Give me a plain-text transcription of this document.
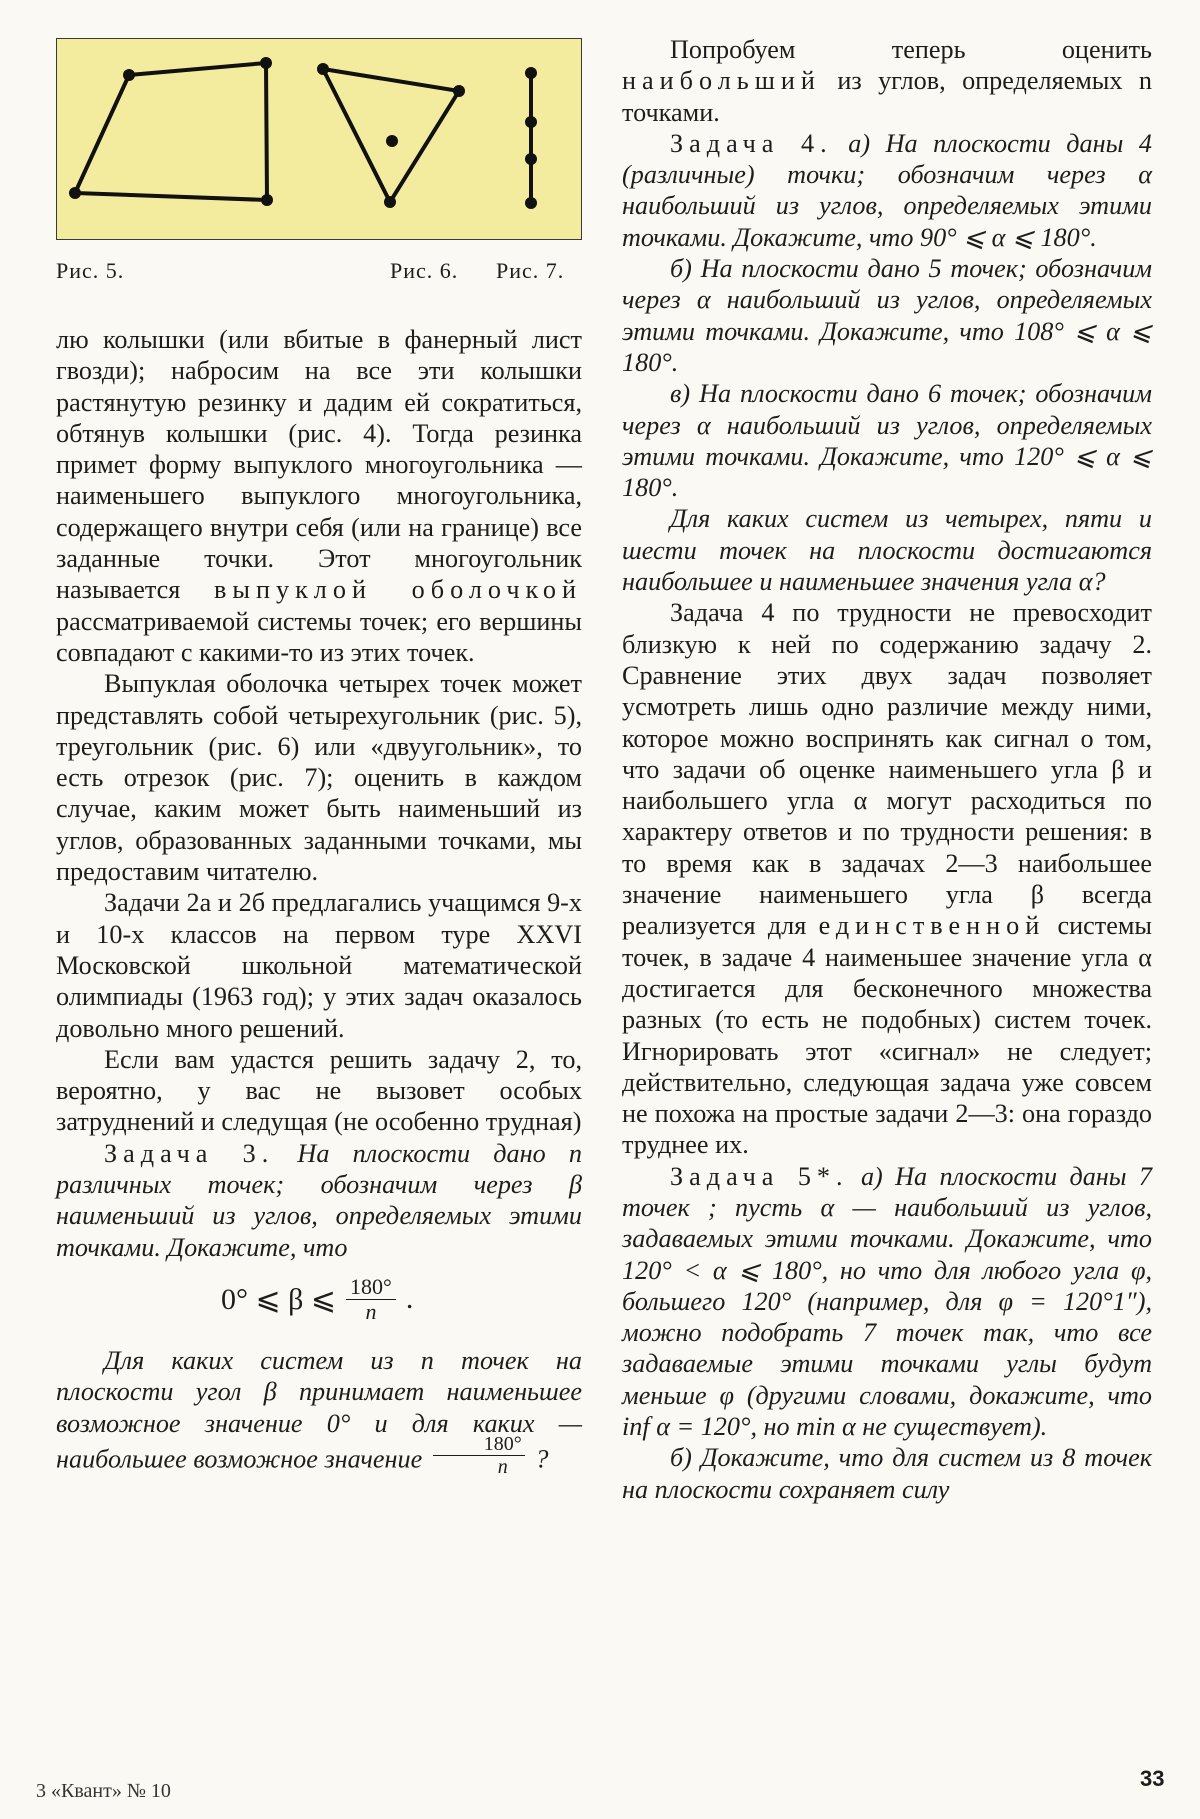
Рис. 5.	Рис. 6. Рис. 7.

лю колышки (или вбитые в фанерный лист гвозди); набросим на все эти колышки растянутую резинку и дадим ей сократиться, обтянув колышки (рис. 4). Тогда резинка примет форму выпуклого многоугольника — наименьшего выпуклого многоугольника, содержащего внутри себя (или на границе) все заданные точки. Этот многоугольник называется выпуклой оболочкой рассматриваемой системы точек; его вершины совпадают с какими-то из этих точек.

Выпуклая оболочка четырех точек может представлять собой четырехугольник (рис. 5), треугольник (рис. 6) или «двуугольник», то есть отрезок (рис. 7); оценить в каждом случае, каким может быть наименьший из углов, образованных заданными точками, мы предоставим читателю.

Задачи 2а и 2б предлагались учащимся 9-х и 10-х классов на первом туре XXVI Московской школьной математической олимпиады (1963 год); у этих задач оказалось довольно много решений.

Если вам удастся решить задачу 2, то, вероятно, у вас не вызовет особых затруднений и следущая (не особенно трудная)

Задача 3. На плоскости дано n различных точек; обозначим через β наименьший из углов, определяемых этими точками. Докажите, что

0° ⩽ β ⩽ $\frac{180^\circ}{n}$ .

Для каких систем из n точек на плоскости угол β принимает наименьшее возможное значение 0° и для каких — наибольшее возможное значение $\frac{180^\circ}{n}$ ?

Попробуем теперь оценить наибольший из углов, определяемых n точками.

Задача 4. а) На плоскости даны 4 (различные) точки; обозначим через α наибольший из углов, определяемых этими точками. Докажите, что 90° ⩽ α ⩽ 180°.

б) На плоскости дано 5 точек; обозначим через α наибольший из углов, определяемых этими точками. Докажите, что 108° ⩽ α ⩽ 180°.

в) На плоскости дано 6 точек; обозначим через α наибольший из углов, определяемых этими точками. Докажите, что 120° ⩽ α ⩽ 180°.

Для каких систем из четырех, пяти и шести точек на плоскости достигаются наибольшее и наименьшее значения угла α?

Задача 4 по трудности не превосходит близкую к ней по содержанию задачу 2. Сравнение этих двух задач позволяет усмотреть лишь одно различие между ними, которое можно воспринять как сигнал о том, что задачи об оценке наименьшего угла β и наибольшего угла α могут расходиться по характеру ответов и по трудности решения: в то время как в задачах 2—3 наибольшее значение наименьшего угла β всегда реализуется для единственной системы точек, в задаче 4 наименьшее значение угла α достигается для бесконечного множества разных (то есть не подобных) систем точек. Игнорировать этот «сигнал» не следует; действительно, следующая задача уже совсем не похожа на простые задачи 2—3: она гораздо труднее их.

Задача 5*. а) На плоскости даны 7 точек ; пусть α — наибольший из углов, задаваемых этими точками. Докажите, что 120° < α ⩽ 180°, но что для любого угла φ, большего 120° (например, для φ = 120°1″), можно подобрать 7 точек так, что все задаваемые этими точками углы будут меньше φ (другими словами, докажите, что inf α = 120°, но min α не существует).

б) Докажите, что для систем из 8 точек на плоскости сохраняет силу

3 «Квант» № 10	33
